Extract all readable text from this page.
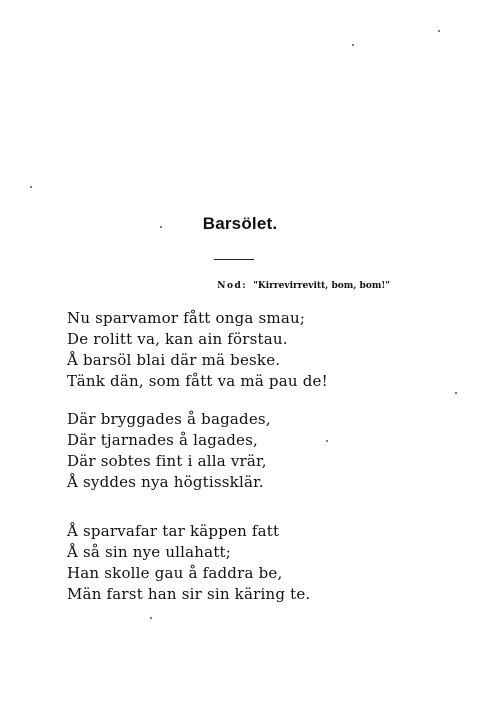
Barsölet.
Nod: "Kirrevirrevitt, bom, bom!"
Nu sparvamor fått onga smau;
De rolitt va, kan ain förstau.
Å barsöl blai där mä beske.
Tänk dän, som fått va mä pau de!
Där bryggades å bagades,
Där tjarnades å lagades,
Där sobtes fint i alla vrär,
Å syddes nya högtissklär.
Å sparvafar tar käppen fatt
Å så sin nye ullahatt;
Han skolle gau å faddra be,
Män farst han sir sin käring te.
